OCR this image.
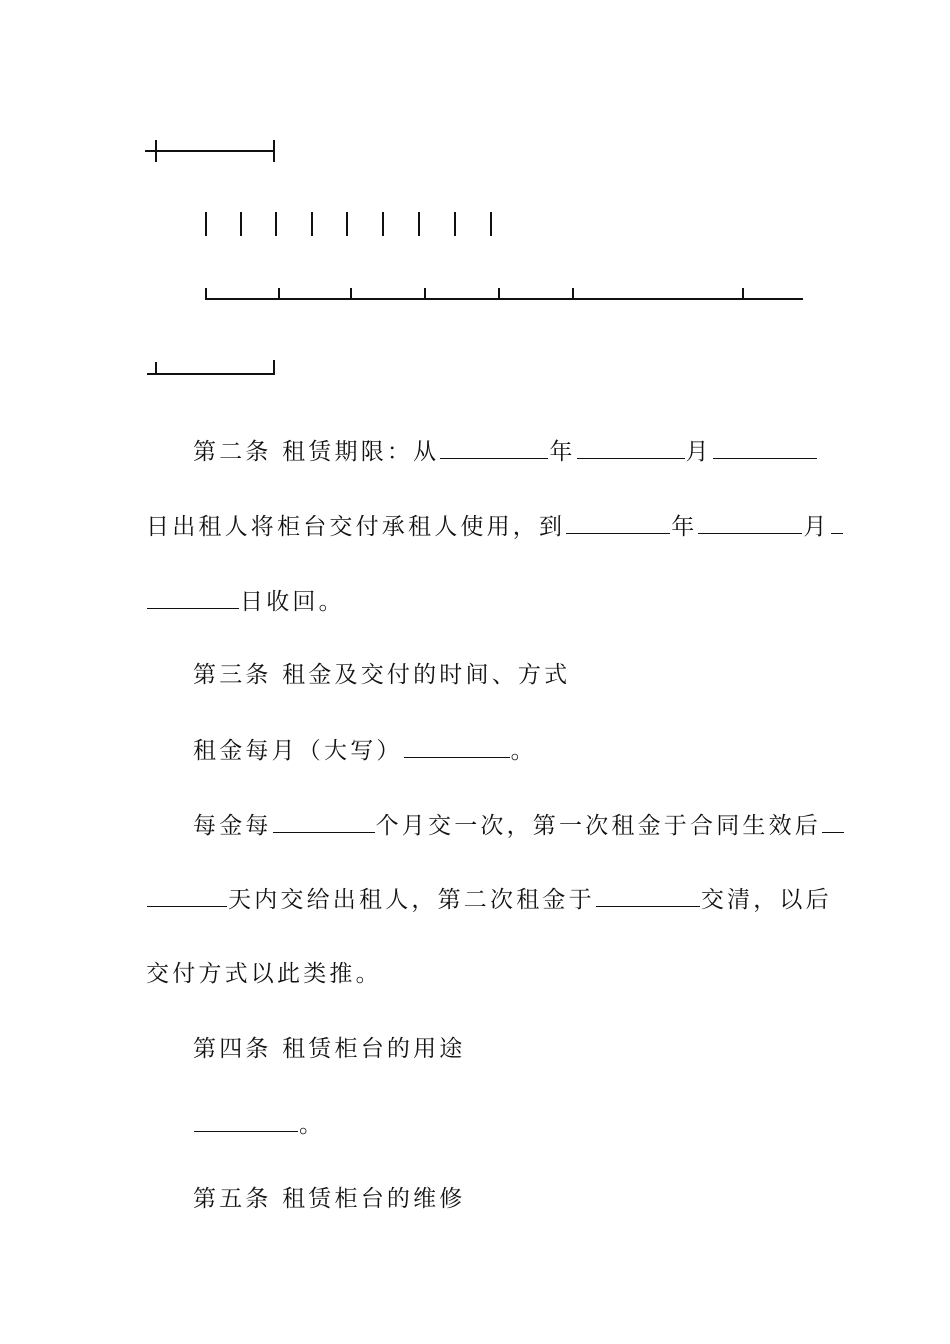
第二条 租赁期限：从	年	月
日出租人将柜台交付承租人使用，到	年	月
日收回。
第三条 租金及交付的时间、方式
租金每月（大写）	。
每金每	个月交一次，第一次租金于合同生效后
天内交给出租人，第二次租金于	交清，以后
交付方式以此类推。
第四条 租赁柜台的用途
。
第五条 租赁柜台的维修
